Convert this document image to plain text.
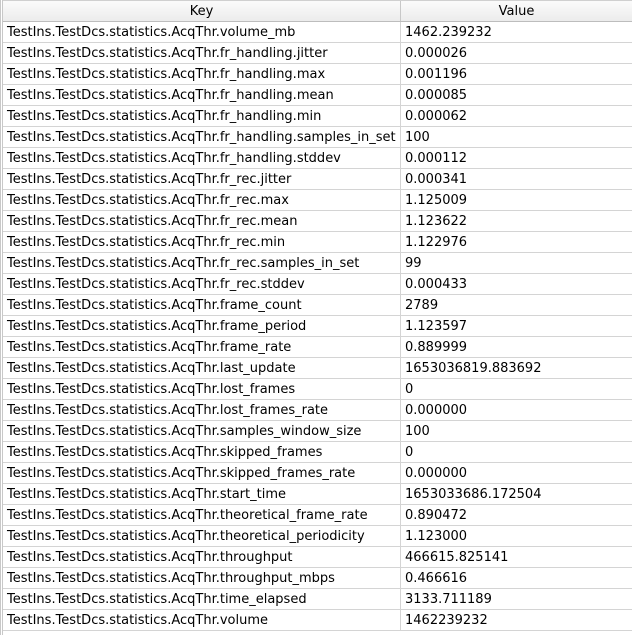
Key	Value
TestIns.TestDcs.statistics.AcqThr.volume_mb	1462.239232
TestIns.TestDcs.statistics.AcqThr.fr_handling.jitter	0.000026
TestIns.TestDcs.statistics.AcqThr.fr_handling.max	0.001196
TestIns.TestDcs.statistics.AcqThr.fr_handling.mean	0.000085
TestIns.TestDcs.statistics.AcqThr.fr_handling.min	0.000062
TestIns.TestDcs.statistics.AcqThr.fr_handling.samples_in_set 100
TestIns.TestDcs.statistics.AcqThr.fr_handling.stddev	0.000112
TestIns.TestDcs.statistics.AcqThr.fr_rec.jitter	0.000341
TestIns.TestDcs.statistics.AcqThr.fr_rec.max	1.125009
TestIns.TestDcs.statistics.AcqThr.fr_rec.mean	1.123622
TestIns.TestDcs.statistics.AcqThr.fr_rec.min	1.122976
TestIns.TestDcs.statistics.AcqThr.fr_rec.samples_in_set	99
TestIns.TestDcs.statistics.AcqThr.fr_rec.stddev	0.000433
TestIns.TestDcs.statistics.AcqThr.frame_count	2789
TestIns.TestDcs.statistics.AcqThr.frame_period	1.123597
TestIns.TestDcs.statistics.AcqThr.frame_rate	0.889999
TestIns.TestDcs.statistics.AcqThr.last_update	1653036819.883692
TestIns.TestDcs.statistics.AcqThr.lost_frames	0
TestIns.TestDcs.statistics.AcqThr.lost_frames_rate	0.000000
TestIns.TestDcs.statistics.AcqThr.samples_window_size	100
TestIns.TestDcs.statistics.AcqThr.skipped_frames	0
TestIns.TestDcs.statistics.AcqThr.skipped_frames_rate	0.000000
TestIns.TestDcs.statistics.AcqThr.start_time	1653033686.172504
TestIns.TestDcs.statistics.AcqThr.theoretical_frame_rate	0.890472
TestIns.TestDcs.statistics.AcqThr.theoretical_periodicity	1.123000
TestIns.TestDcs.statistics.AcqThr.throughput	466615.825141
TestIns.TestDcs.statistics.AcqThr.throughput_mbps	0.466616
TestIns.TestDcs.statistics.AcqThr.time_elapsed	3133.711189
TestIns.TestDcs.statistics.AcqThr.volume	1462239232
